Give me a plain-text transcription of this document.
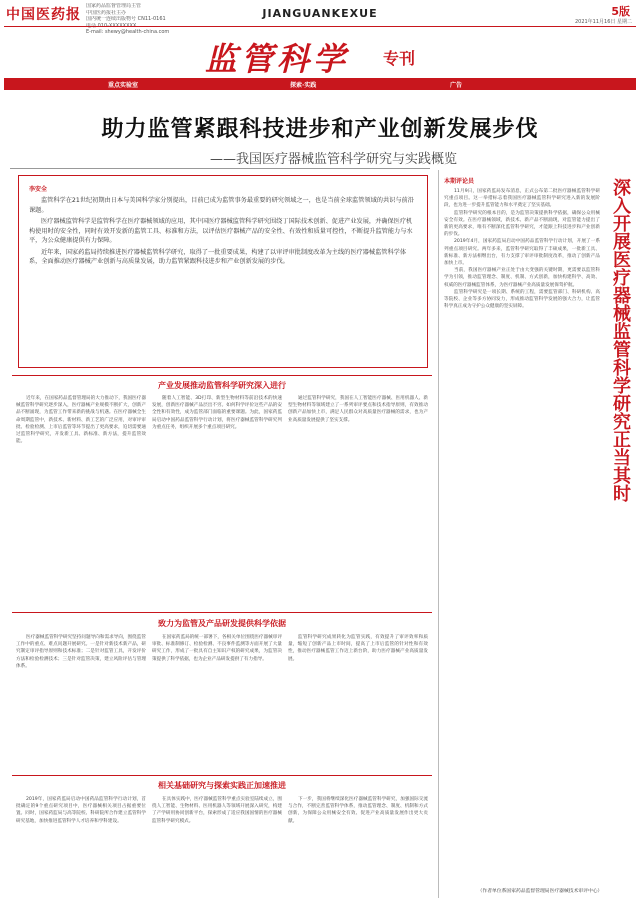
中国医药报
国家药品监督管理局主管
中国医药报社主办
国内统一连续出版物号 CN11-0161
E-mail: shewy@health-china.com
JIANGUANKEXUE	5版
2021年11月16日 星期二
监管科学 专刊
重点实验室	探索·实践	广告
助力监管紧跟科技进步和产业创新发展步伐
——我国医疗器械监管科学研究与实践概览
李安全

监管科学在21世纪初期由日本与美国科学家分别提出，目前已成为监管事务最重要的研究领域之一，也是当前全球监管领域的共识与前沿课题。

医疗器械监管科学是监管科学在医疗器械领域的应用，其中国医疗器械监管科学研究围绕丁国际技术创新、促进产业发展，并确保医疗机构使用时的安全性，同时有效开发新的监管工具、标准和方法，以评估医疗器械产品的安全性、有效性和质量可控性，不断提升监管能力与水平，为公众健康提供有力保障。

近年来，国家药监局持续推进医疗器械监管科学研究，取得了一批重要成果，构建了以审评审批制度改革为主线的医疗器械监管科学体系，全面推动医疗器械产业创新与高质量发展，助力监管紧跟科技进步和产业创新发展的步伐。

产业发展推动监管科学研究深入进行

近年来，在国家药品监督管理局的大力推动下，我国医疗器械监管科学研究逐步深入，医疗器械产业规模不断扩大，创新产品不断涌现，为监管工作带来新的挑战与机遇。在医疗器械全生命周期监管中，新技术、新材料、新工艺的广泛应用，对审评审批、检验检测、上市后监管等环节提出了更高要求，迫切需要通过监管科学研究，开发新工具、新标准、新方法，提升监管效能。

随着人工智能、3D打印、新型生物材料等前沿技术的快速发展，创新医疗器械产品层出不穷。如何科学评价这些产品的安全性和有效性，成为监管部门面临的重要课题。为此，国家药监局启动中国药品监管科学行动计划，将医疗器械监管科学研究列为重点任务，组织开展多个重点项目研究。

通过监管科学研究，我国在人工智能医疗器械、医用机器人、新型生物材料等领域建立了一系列审评要点和技术指导原则，有效推动创新产品加快上市，满足人民群众对高质量医疗器械的需求，也为产业高质量发展提供了坚实支撑。

致力为监管及产品研发提供科学依据

医疗器械监管科学研究坚持问题导向和需求导向，围绕监管工作中的重点、难点问题开展研究。一是针对新技术新产品，研究制定审评指导原则和技术标准；二是针对监管工具，开发评价方法和检验检测技术；三是针对监管决策，建立风险评估与管理体系。

在国家药监局的统一部署下，各相关单位围绕医疗器械审评审批、标准制修订、检验检测、不良事件监测等方面开展了大量研究工作，形成了一批具有自主知识产权的研究成果，为监管决策提供了科学依据，也为企业产品研发提供了有力指导。

监管科学研究成果转化为监管实践，有效提升了审评效率和质量，缩短了创新产品上市时间，提高了上市后监管的针对性和有效性，推动医疗器械监管工作迈上新台阶，助力医疗器械产业高质量发展。

相关基础研究与探索实践正加速推进

2019年，国家药监局启动中国药品监管科学行动计划，首批确定的9个重点研究项目中，医疗器械相关项目占据重要位置。同时，国家药监局与高等院校、科研院所合作建立监管科学研究基地，加快推进监管科学人才培养和学科建设。

在具体实践中，医疗器械监管科学重点实验室陆续成立，围绕人工智能、生物材料、医用机器人等领域开展深入研究，构建了产学研用协同创新平台，探索形成了适应我国国情的医疗器械监管科学研究模式。

下一步，我国将继续深化医疗器械监管科学研究，加强国际交流与合作，不断完善监管科学体系，推动监管理念、制度、机制和方式创新，为保障公众用械安全有效、促进产业高质量发展作出更大贡献。

本期评论员

11月9日，国家药监局发布消息，正式公布第二批医疗器械监管科学研究重点项目。这一举措标志着我国医疗器械监管科学研究进入新的发展阶段，也为进一步提升监管能力和水平奠定了坚实基础。

监管科学研究的根本目的，是为监管决策提供科学依据，确保公众用械安全有效。在医疗器械领域，新技术、新产品不断涌现，对监管能力提出了新的更高要求，唯有不断深化监管科学研究，才能跟上科技进步和产业创新的步伐。

2019年4月，国家药监局启动中国药品监管科学行动计划，开展了一系列重点项目研究。两年多来，监管科学研究取得了丰硕成果，一批新工具、新标准、新方法相继出台，有力支撑了审评审批制度改革，推动了创新产品加快上市。

当前，我国医疗器械产业正处于由大变强的关键时期，更需要以监管科学为引领，推动监管理念、制度、机制、方式创新，加快构建科学、高效、权威的医疗器械监管体系，为医疗器械产业高质量发展保驾护航。

监管科学研究是一项长期、系统的工程，需要监管部门、科研机构、高等院校、企业等多方协同发力，形成推动监管科学发展的强大合力，让监管科学真正成为守护公众健康的坚实屏障。	深入开展医疗器械监管科学研究正当其时
（作者单位系国家药品监督管理局医疗器械技术审评中心）
